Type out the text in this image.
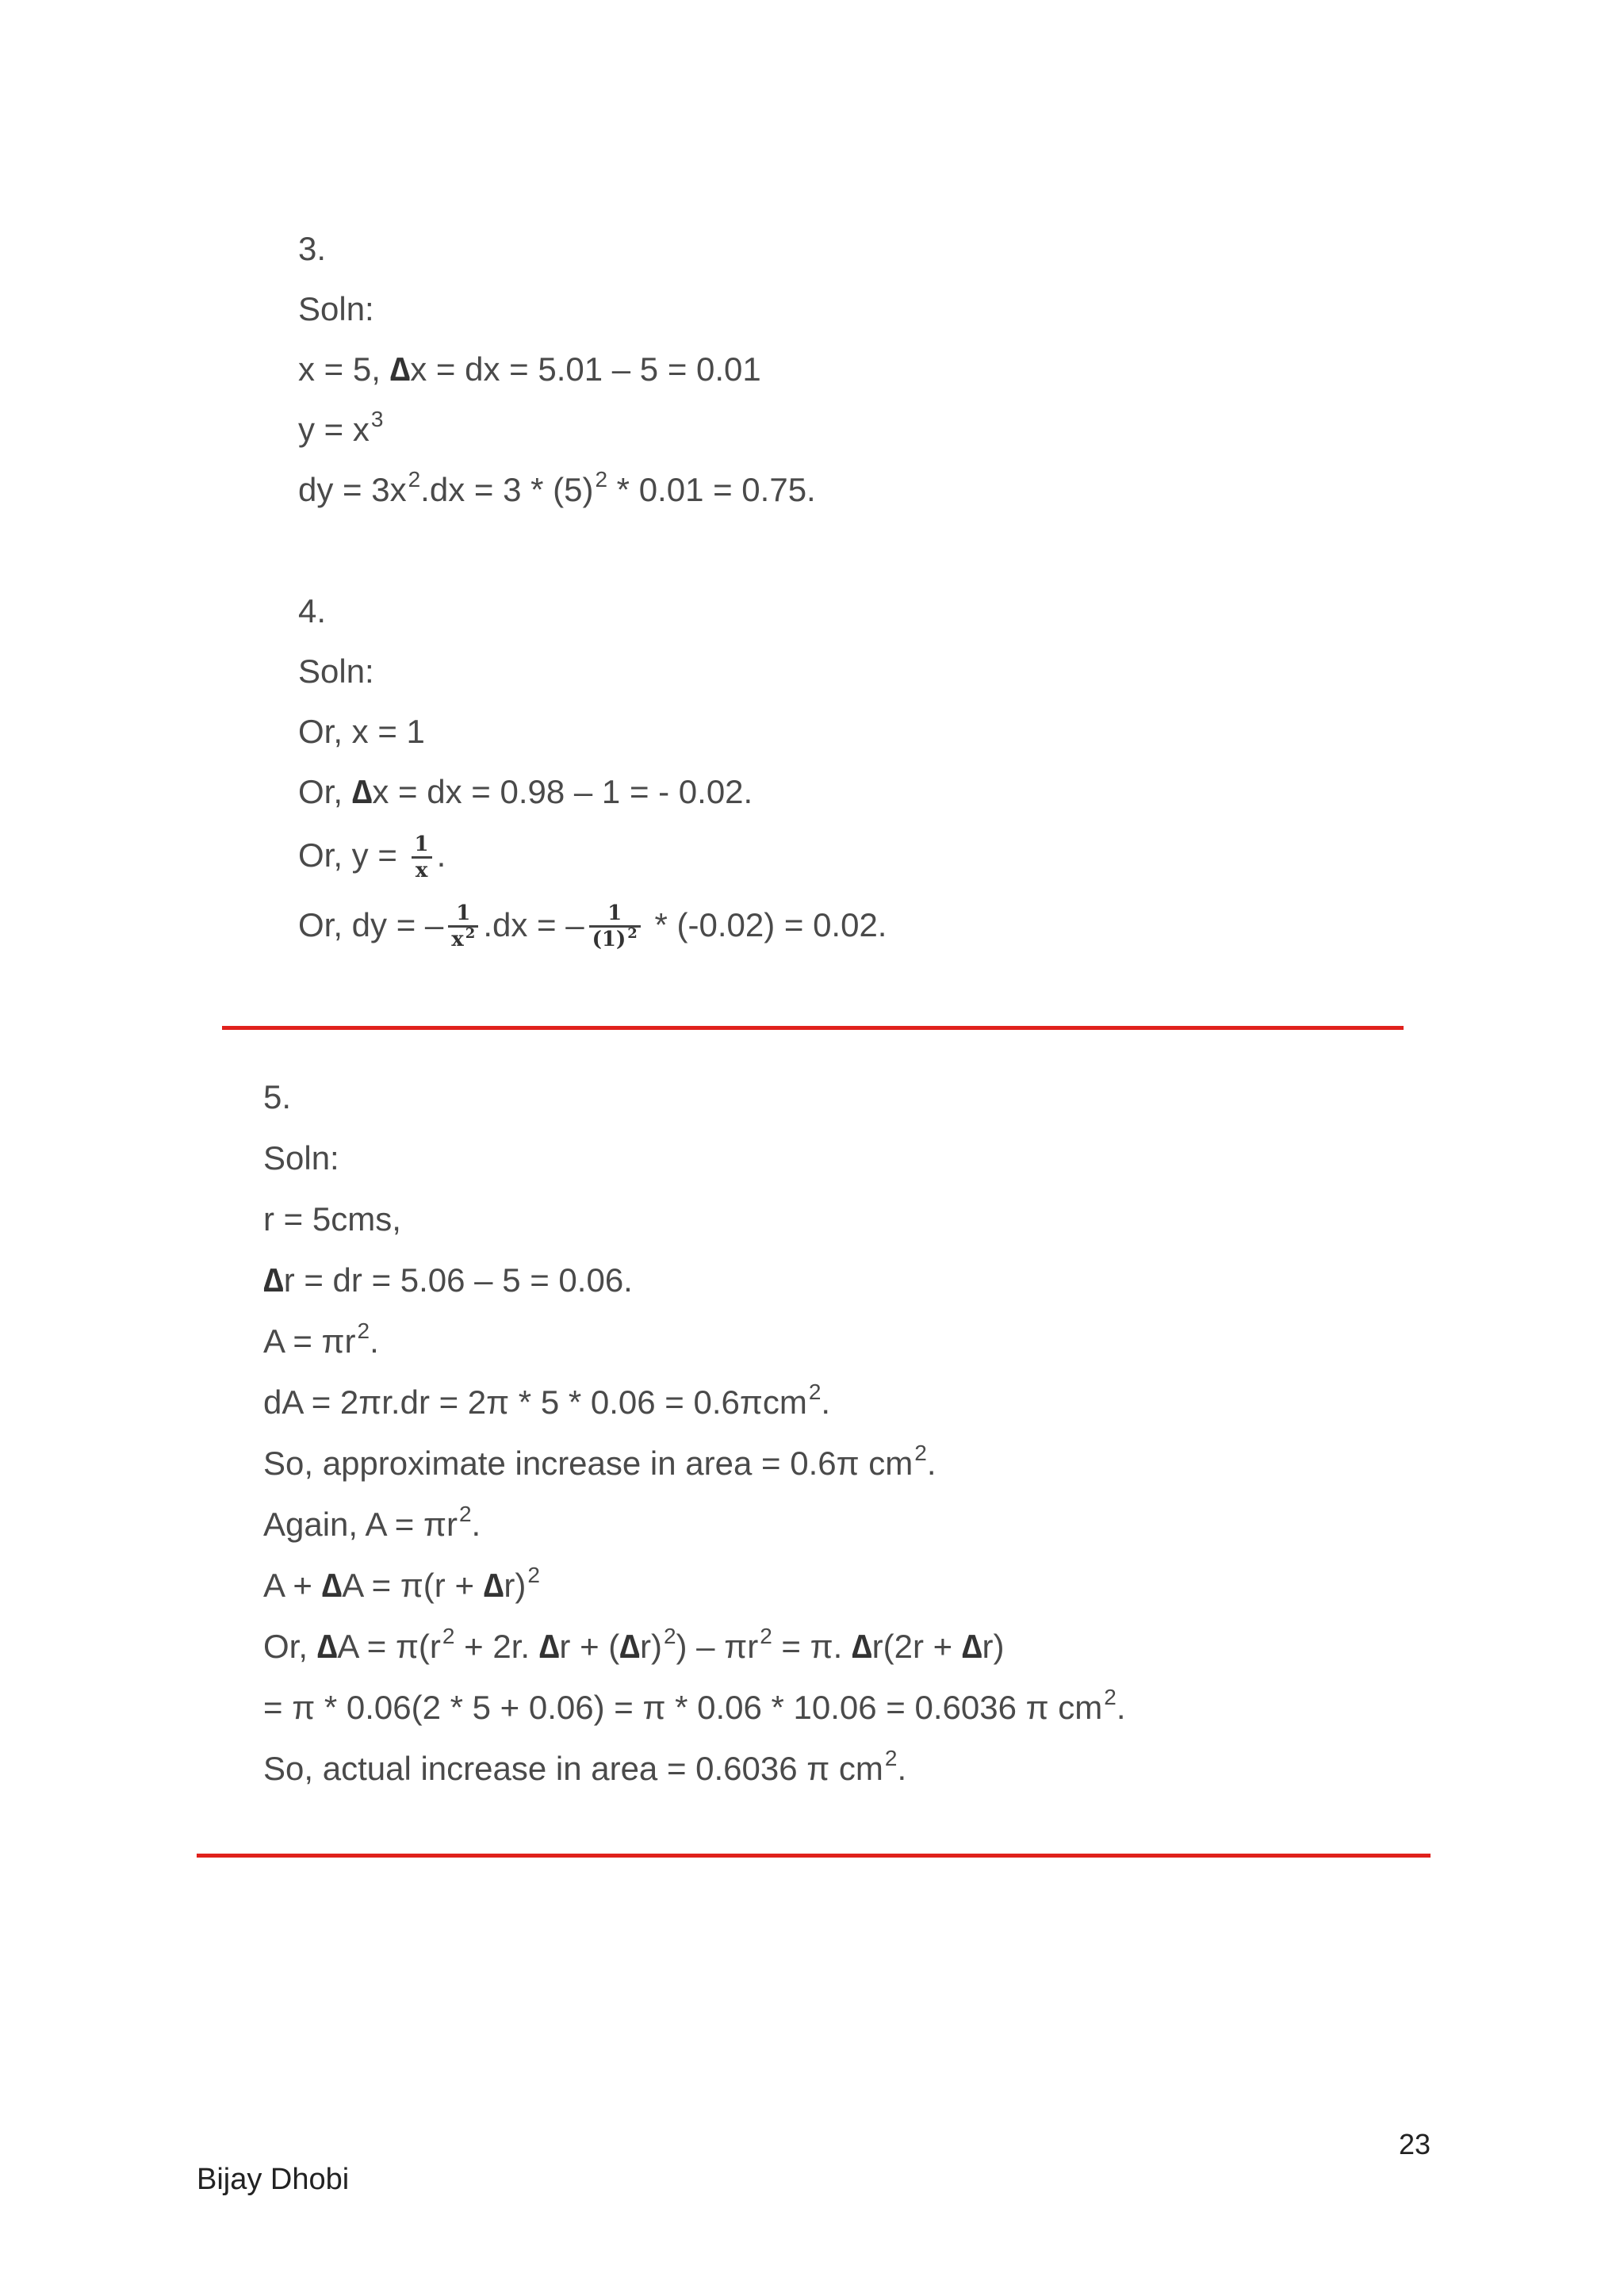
3.
Soln:
x = 5, ∆x = dx = 5.01 – 5 = 0.01
$y = x^3$
dy = $3x^2.dx = 3 * (5)^2 * 0.01 = 0.75$.
4.
Soln:
Or, x = 1
Or, ∆x = dx = 0.98 – 1 = - 0.02.
Or, $y = \frac{1}{x}$ .
Or, dy = – $\frac{1}{x ^2} .dx$ = – $\frac{1}{(1) ^2} * (-0.02) = 0.02$.
5.
Soln:
r = 5cms,
∆r = dr = 5.06 – 5 = 0.06.
$A = \pi r^2$.
dA = 2πr.dr = 2π * 5 * 0.06 = 0.6πcm$^2$.
So, approximate increase in area = 0.6π $cm^2$.
Again, $A = \pi r^2$.
$A + \Delta A = \pi(r + \Delta r)^2$
Or, $\Delta A = \pi(r^2 + 2r$. $\Delta r + (\Delta r)^2) - \pi r^2 = \pi$. ∆r(2r + ∆r)
= π * 0.06(2 * 5 + 0.06) = π * 0.06 * 10.06 = 0.6036 π $cm^2$.
So, actual increase in area = 0.6036 π $cm^2$.
23
Bijay Dhobi
